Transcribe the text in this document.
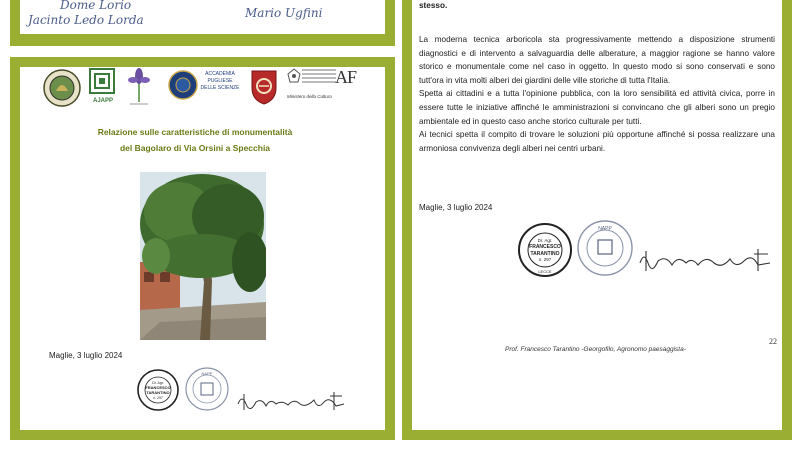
Dome Lorio
Jacinto Ledo Lorda	Mario Ugfini
AJAPP
ACCADEMIA PUGLIESE DELLE SCIENZE
Ministero della Cultura
AF
Relazione sulle caratteristiche di monumentalità
del Bagolaro di Via Orsini a Specchia
Maglie, 3 luglio 2024
Dr. Agr.
FRANCESCO
TARANTINO
n. 297
NAPP

stesso.

La moderna tecnica arboricola sta progressivamente mettendo a disposizione strumenti diagnostici e di intervento a salvaguardia delle alberature, a maggior ragione se hanno valore storico e monumentale come nel caso in oggetto. In questo modo si sono conservati e sono tutt'ora in vita molti alberi dei giardini delle ville storiche di tutta l'Italia.

Spetta ai cittadini e a tutta l'opinione pubblica, con la loro sensibilità ed attività civica, porre in essere tutte le iniziative affinché le amministrazioni si convincano che gli alberi sono un pregio ambientale ed in questo caso anche storico culturale per tutti.

Ai tecnici spetta il compito di trovare le soluzioni più opportune affinché si possa realizzare una armoniosa convivenza degli alberi nei centri urbani.

Maglie, 3 luglio 2024
Dr. Agr.
FRANCESCO
TARANTINO
n. 297
LECCE
NAPP
22
Prof. Francesco Tarantino -Georgofilo, Agronomo paesaggista-
